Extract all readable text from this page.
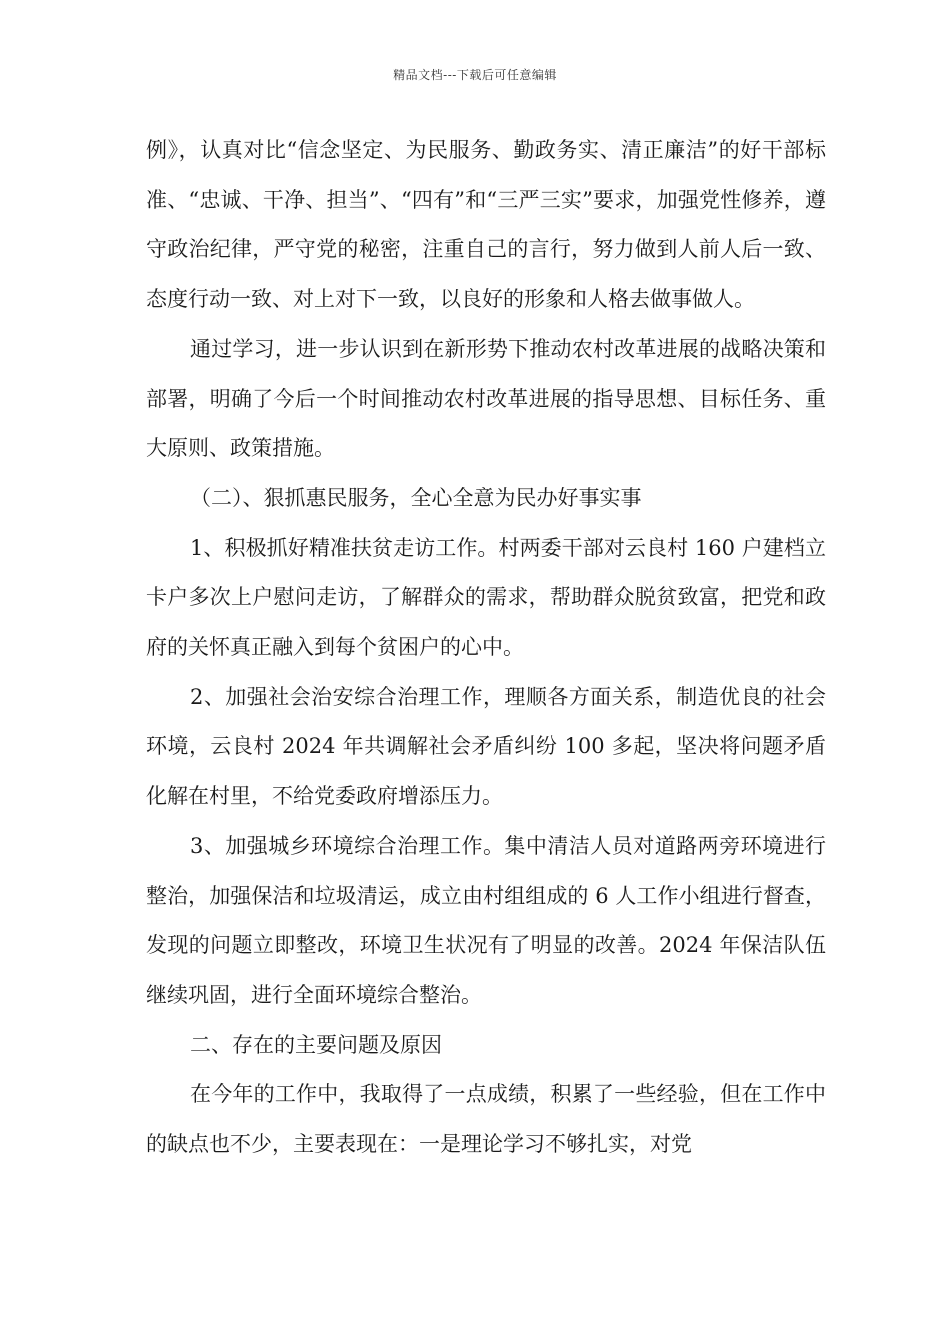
精品文档---下载后可任意编辑

例》，认真对比“信念坚定、为民服务、勤政务实、清正廉洁”的好干部标准、“忠诚、干净、担当”、“四有”和“三严三实”要求，加强党性修养，遵守政治纪律，严守党的秘密，注重自己的言行，努力做到人前人后一致、态度行动一致、对上对下一致，以良好的形象和人格去做事做人。

通过学习，进一步认识到在新形势下推动农村改革进展的战略决策和部署，明确了今后一个时间推动农村改革进展的指导思想、目标任务、重大原则、政策措施。

（二）、狠抓惠民服务，全心全意为民办好事实事

1、积极抓好精准扶贫走访工作。村两委干部对云良村 160 户建档立卡户多次上户慰问走访，了解群众的需求，帮助群众脱贫致富，把党和政府的关怀真正融入到每个贫困户的心中。

2、加强社会治安综合治理工作，理顺各方面关系，制造优良的社会环境，云良村 2024 年共调解社会矛盾纠纷 100 多起，坚决将问题矛盾化解在村里，不给党委政府增添压力。

3、加强城乡环境综合治理工作。集中清洁人员对道路两旁环境进行整治，加强保洁和垃圾清运，成立由村组组成的 6 人工作小组进行督查，发现的问题立即整改，环境卫生状况有了明显的改善。2024 年保洁队伍继续巩固，进行全面环境综合整治。

二、存在的主要问题及原因

在今年的工作中，我取得了一点成绩，积累了一些经验，但在工作中的缺点也不少，主要表现在：一是理论学习不够扎实，对党
